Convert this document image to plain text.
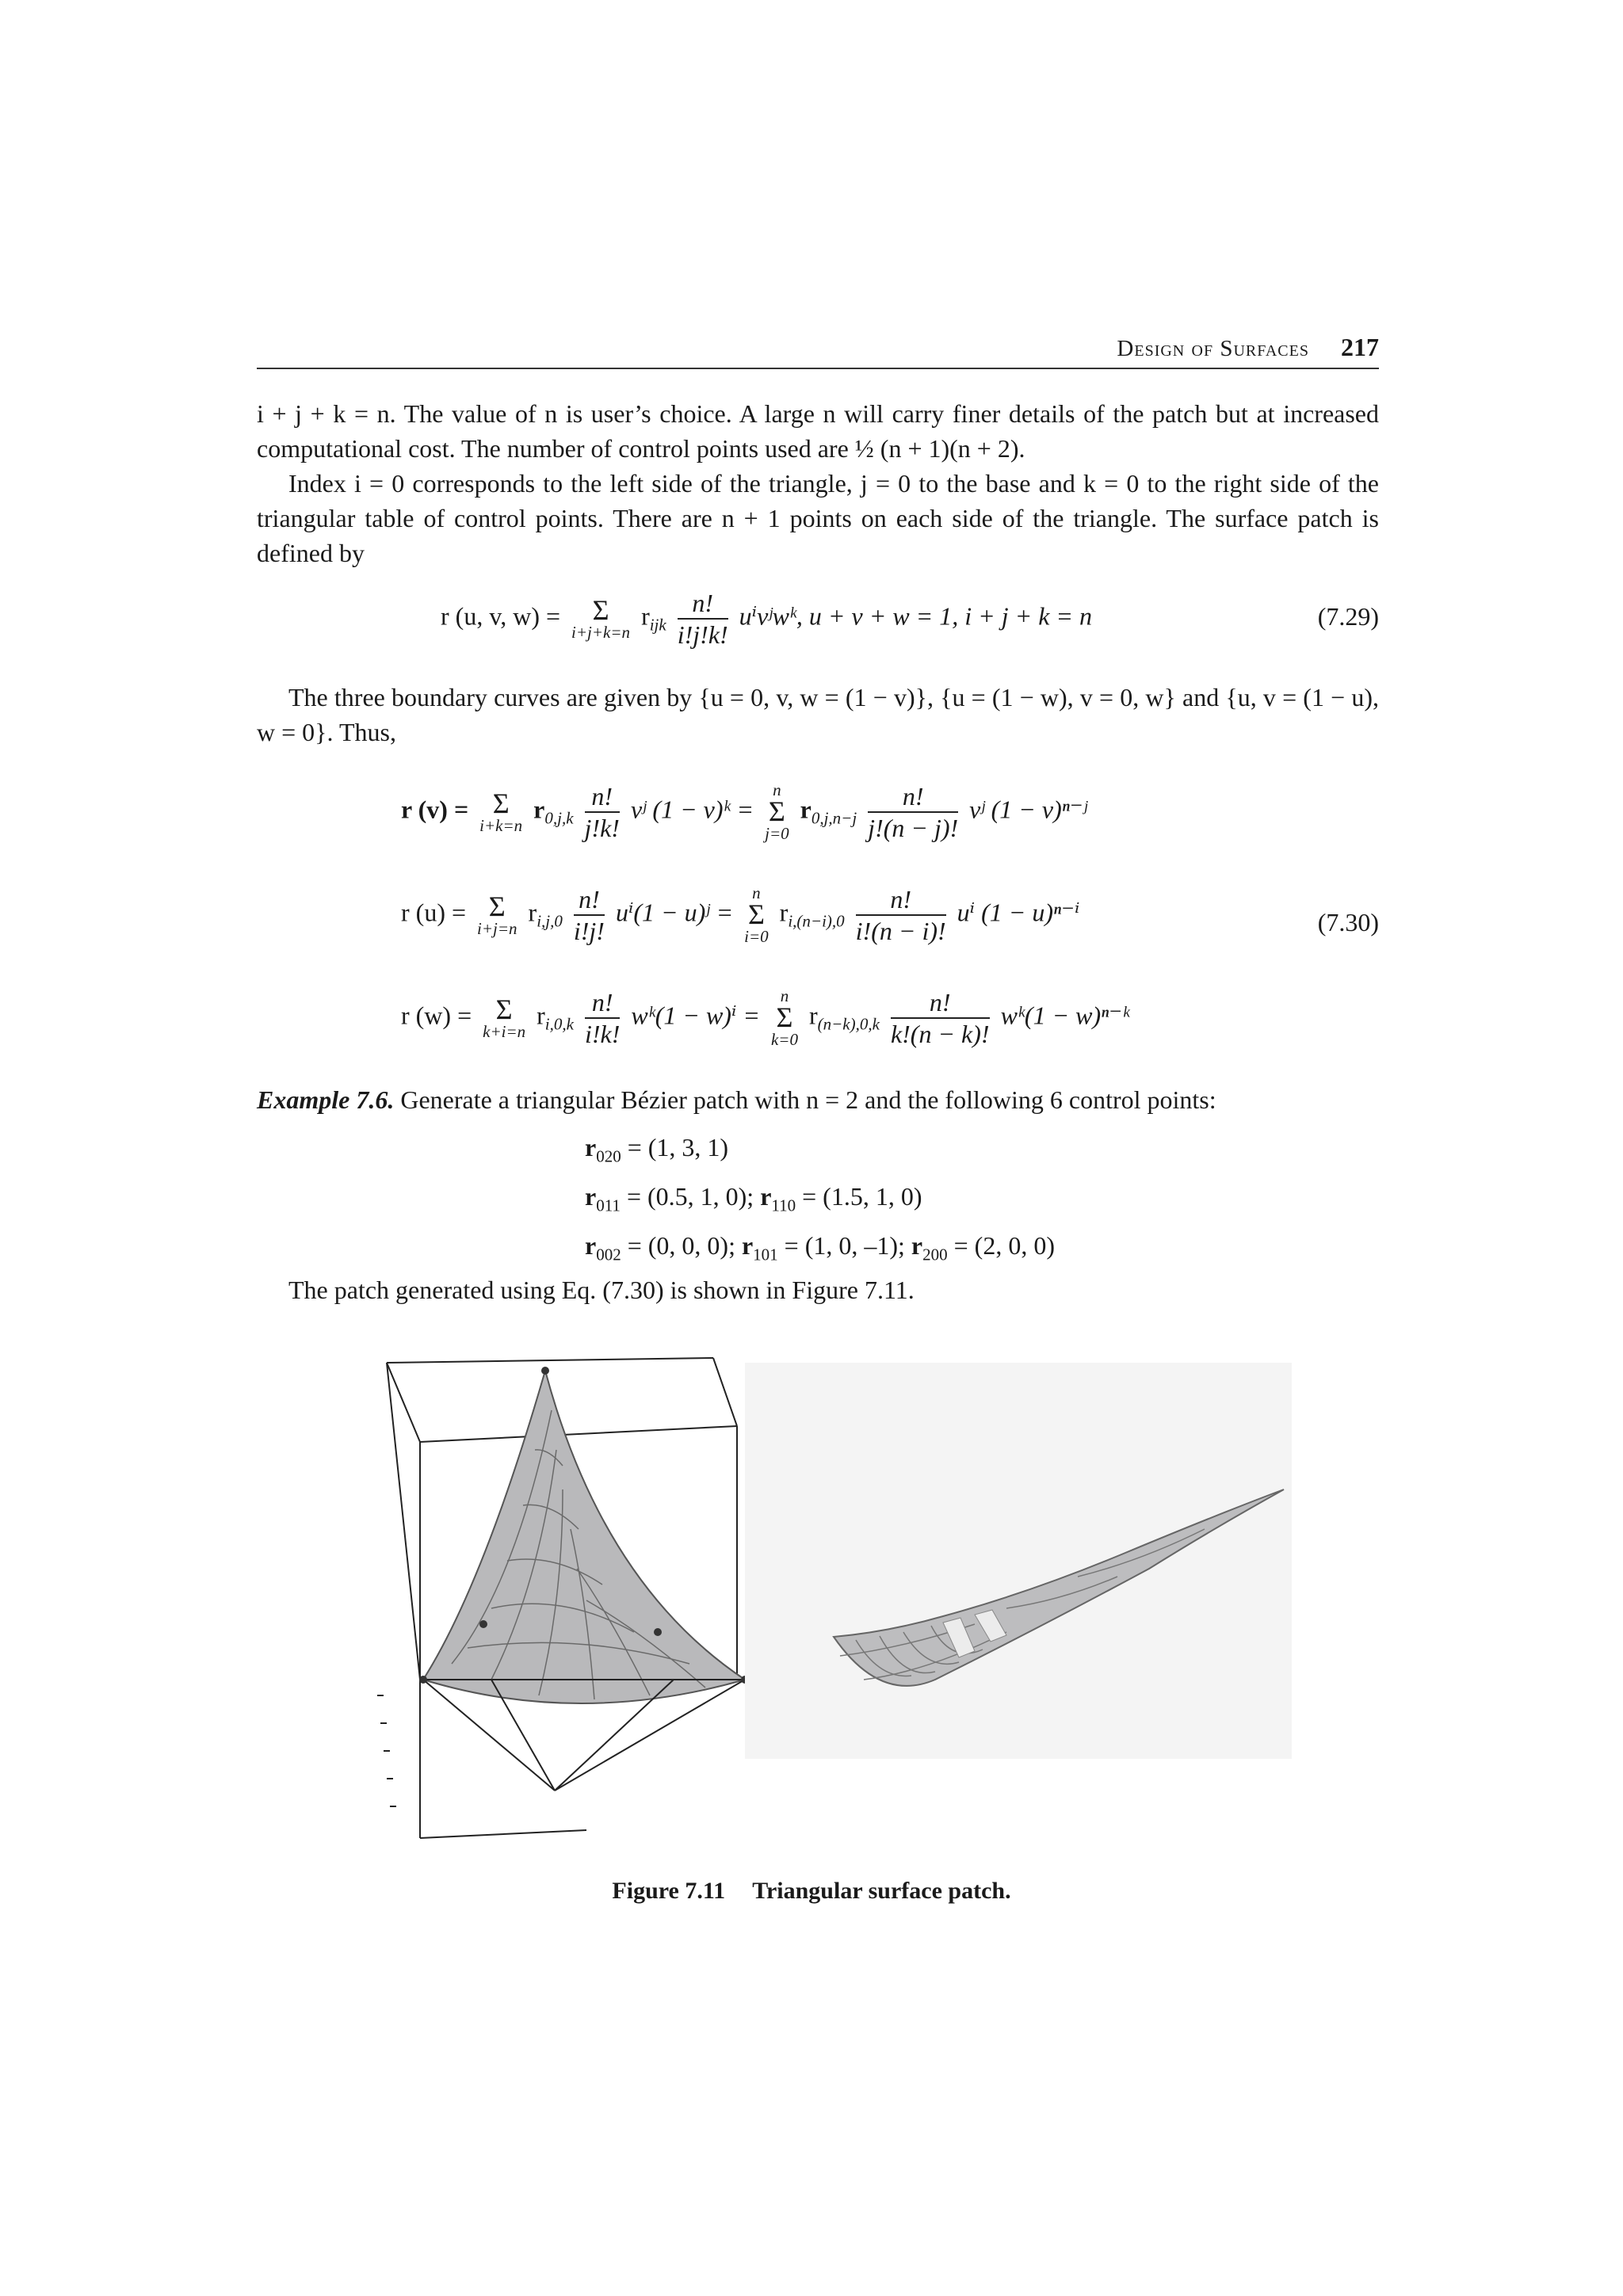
Design of Surfaces 217
i + j + k = n. The value of n is user’s choice. A large n will carry finer details of the patch but at increased computational cost. The number of control points used are ½ (n + 1)(n + 2).
Index i = 0 corresponds to the left side of the triangle, j = 0 to the base and k = 0 to the right side of the triangular table of control points. There are n + 1 points on each side of the triangle. The surface patch is defined by
r (u, v, w) =	Σ
i+j+k=n
$r_{ijk} \frac{n!}{i!j!k!}$ uⁱvʲwᵏ, u + v + w = 1, i + j + k = n	(7.29)
The three boundary curves are given by {u = 0, v, w = (1 − v)}, {u = (1 − w), v = 0, w} and {u, v = (1 − u), w = 0}. Thus,
r (v) = Σ
i+k=n
$r_{0,j,k} \frac{n!}{j!k!}$ vʲ (1 − v)ᵏ =
n
Σ
j=0
$r_{0,j,n-j} \frac{n!}{j!(n - j)!}$ vʲ (1 − v)ⁿ⁻ʲ
r (u) = Σ
i+j=n
$r_{i,j,0} \frac{n!}{i!j!} u^i(1$ − u)ʲ =
n
Σ
i=0
$r_{i,(n-i),0} \frac{n!}{i!(n - i)!}$ uⁱ (1 − u)ⁿ⁻ⁱ	(7.30)
r (w) = Σ
k+i=n
$r_{i,0,k} \frac{n!}{i!k!}$ wᵏ(1 − w)ⁱ =
n
Σ
k=0
$r_{(n-k),0,k} \frac{n!}{k!(n - k)!}$ wᵏ(1 − w)ⁿ⁻ᵏ
Example 7.6. Generate a triangular Bézier patch with n = 2 and the following 6 control points:
$r_{020} = (1$, 3, 1)
$r_{011} = (0.5$, 1, 0); $r_{110} = (1.5$, 1, 0)
$r_{002} = (0$, 0, 0); $r_{101} = (1$, 0, –1); $r_{200} = (2$, 0, 0)
The patch generated using Eq. (7.30) is shown in Figure 7.11.
Figure 7.11 Triangular surface patch.
